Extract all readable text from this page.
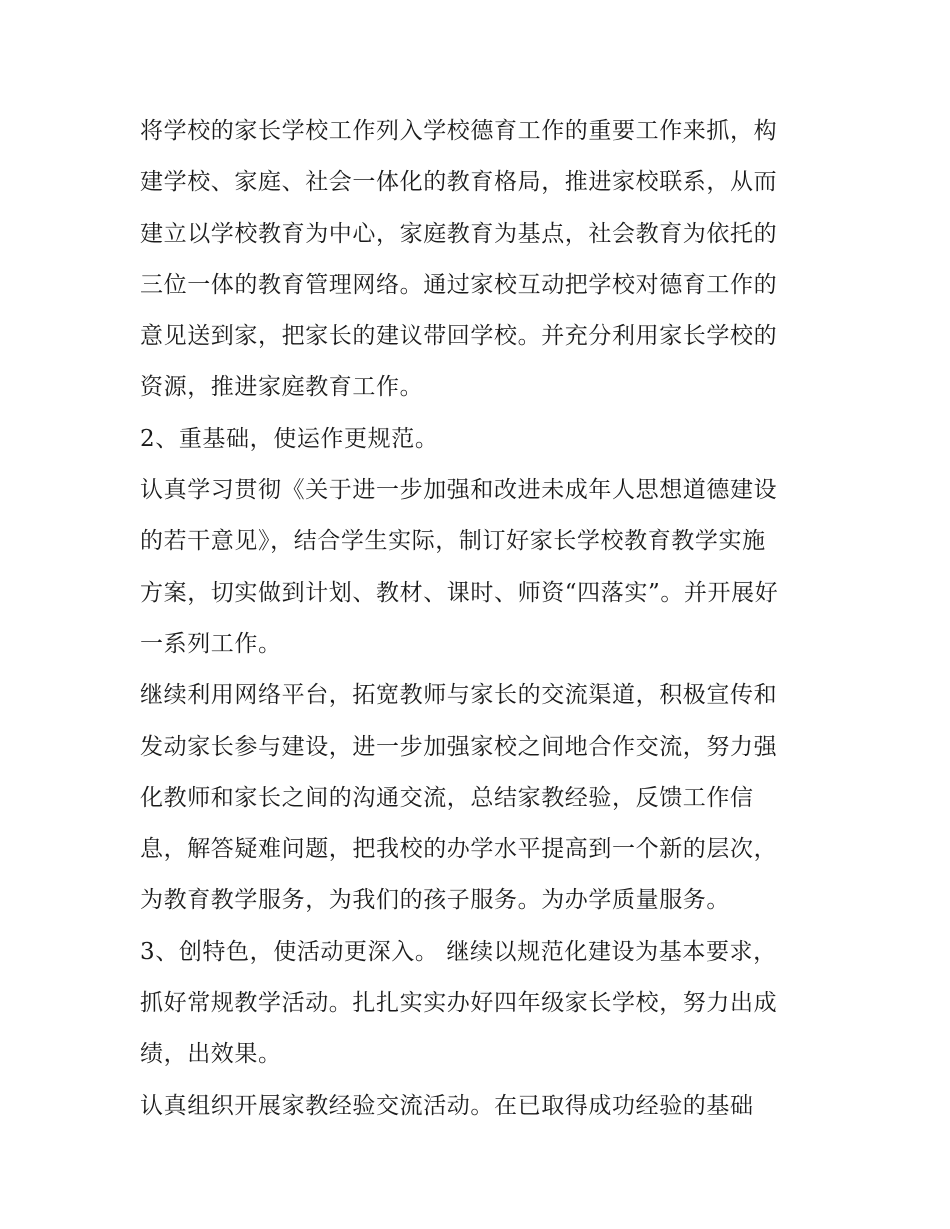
将学校的家长学校工作列入学校德育工作的重要工作来抓，构
建学校、家庭、社会一体化的教育格局，推进家校联系，从而
建立以学校教育为中心，家庭教育为基点，社会教育为依托的
三位一体的教育管理网络。通过家校互动把学校对德育工作的
意见送到家，把家长的建议带回学校。并充分利用家长学校的
资源，推进家庭教育工作。
2、重基础，使运作更规范。
认真学习贯彻《关于进一步加强和改进未成年人思想道德建设
的若干意见》，结合学生实际，制订好家长学校教育教学实施
方案，切实做到计划、教材、课时、师资“四落实”。并开展好
一系列工作。
继续利用网络平台，拓宽教师与家长的交流渠道，积极宣传和
发动家长参与建设，进一步加强家校之间地合作交流，努力强
化教师和家长之间的沟通交流，总结家教经验，反馈工作信
息，解答疑难问题，把我校的办学水平提高到一个新的层次，
为教育教学服务，为我们的孩子服务。为办学质量服务。
3、创特色，使活动更深入。 继续以规范化建设为基本要求，
抓好常规教学活动。扎扎实实办好四年级家长学校，努力出成
绩，出效果。
认真组织开展家教经验交流活动。在已取得成功经验的基础
